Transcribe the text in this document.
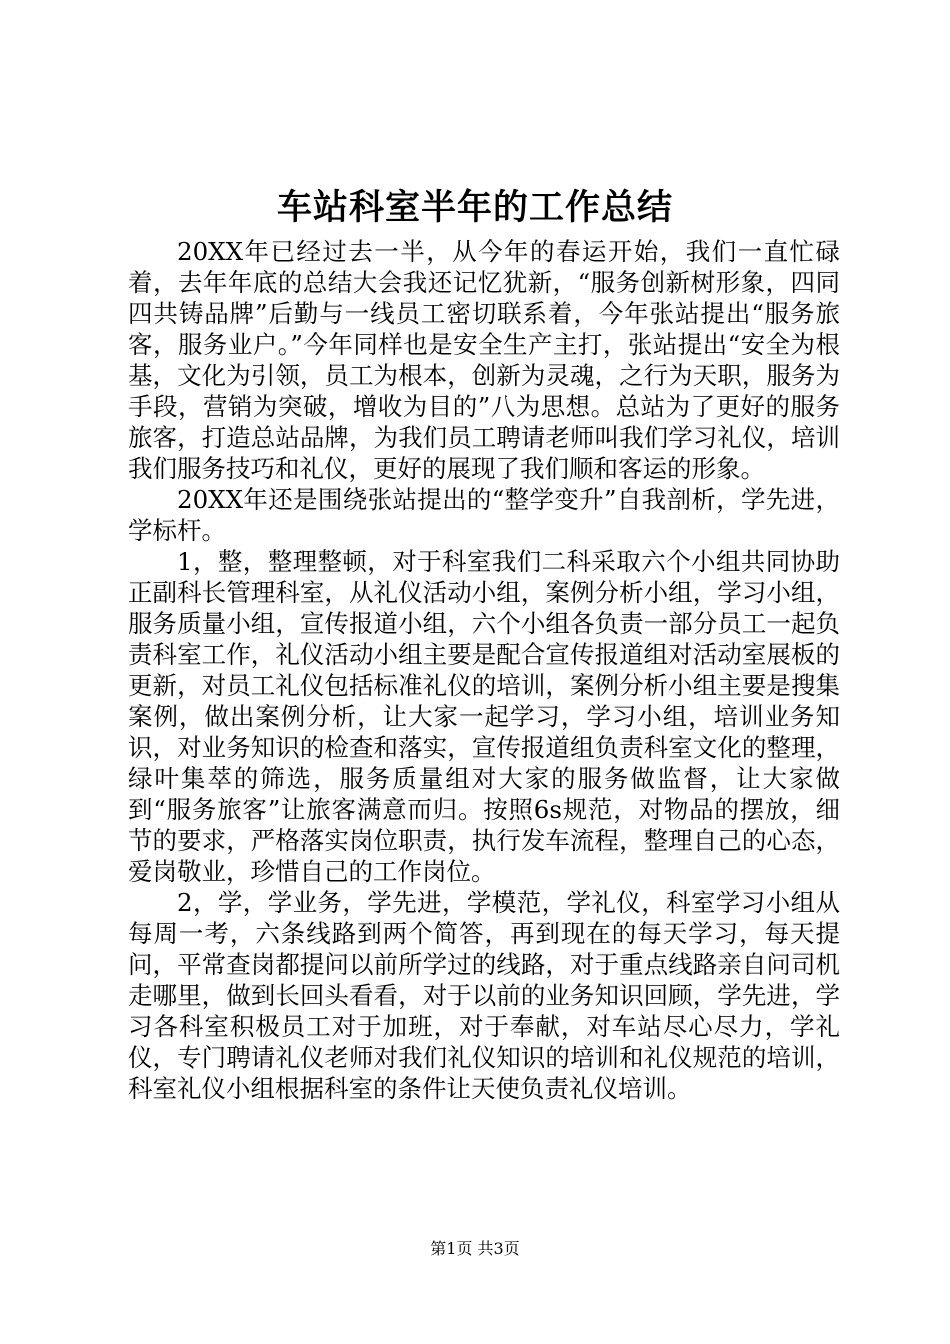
车站科室半年的工作总结

20XX年已经过去一半，从今年的春运开始，我们一直忙碌着，去年年底的总结大会我还记忆犹新，“服务创新树形象，四同四共铸品牌”后勤与一线员工密切联系着，今年张站提出“服务旅客，服务业户。”今年同样也是安全生产主打，张站提出“安全为根基，文化为引领，员工为根本，创新为灵魂，之行为天职，服务为手段，营销为突破，增收为目的”八为思想。总站为了更好的服务旅客，打造总站品牌，为我们员工聘请老师叫我们学习礼仪，培训我们服务技巧和礼仪，更好的展现了我们顺和客运的形象。

20XX年还是围绕张站提出的“整学变升”自我剖析，学先进，学标杆。

1，整，整理整顿，对于科室我们二科采取六个小组共同协助正副科长管理科室，从礼仪活动小组，案例分析小组，学习小组，服务质量小组，宣传报道小组，六个小组各负责一部分员工一起负责科室工作，礼仪活动小组主要是配合宣传报道组对活动室展板的更新，对员工礼仪包括标准礼仪的培训，案例分析小组主要是搜集案例，做出案例分析，让大家一起学习，学习小组，培训业务知识，对业务知识的检查和落实，宣传报道组负责科室文化的整理，绿叶集萃的筛选，服务质量组对大家的服务做监督，让大家做到“服务旅客”让旅客满意而归。按照6s规范，对物品的摆放，细节的要求，严格落实岗位职责，执行发车流程，整理自己的心态，爱岗敬业，珍惜自己的工作岗位。

2，学，学业务，学先进，学模范，学礼仪，科室学习小组从每周一考，六条线路到两个简答，再到现在的每天学习，每天提问，平常查岗都提问以前所学过的线路，对于重点线路亲自问司机走哪里，做到长回头看看，对于以前的业务知识回顾，学先进，学习各科室积极员工对于加班，对于奉献，对车站尽心尽力，学礼仪，专门聘请礼仪老师对我们礼仪知识的培训和礼仪规范的培训，科室礼仪小组根据科室的条件让天使负责礼仪培训。

第1页 共3页
